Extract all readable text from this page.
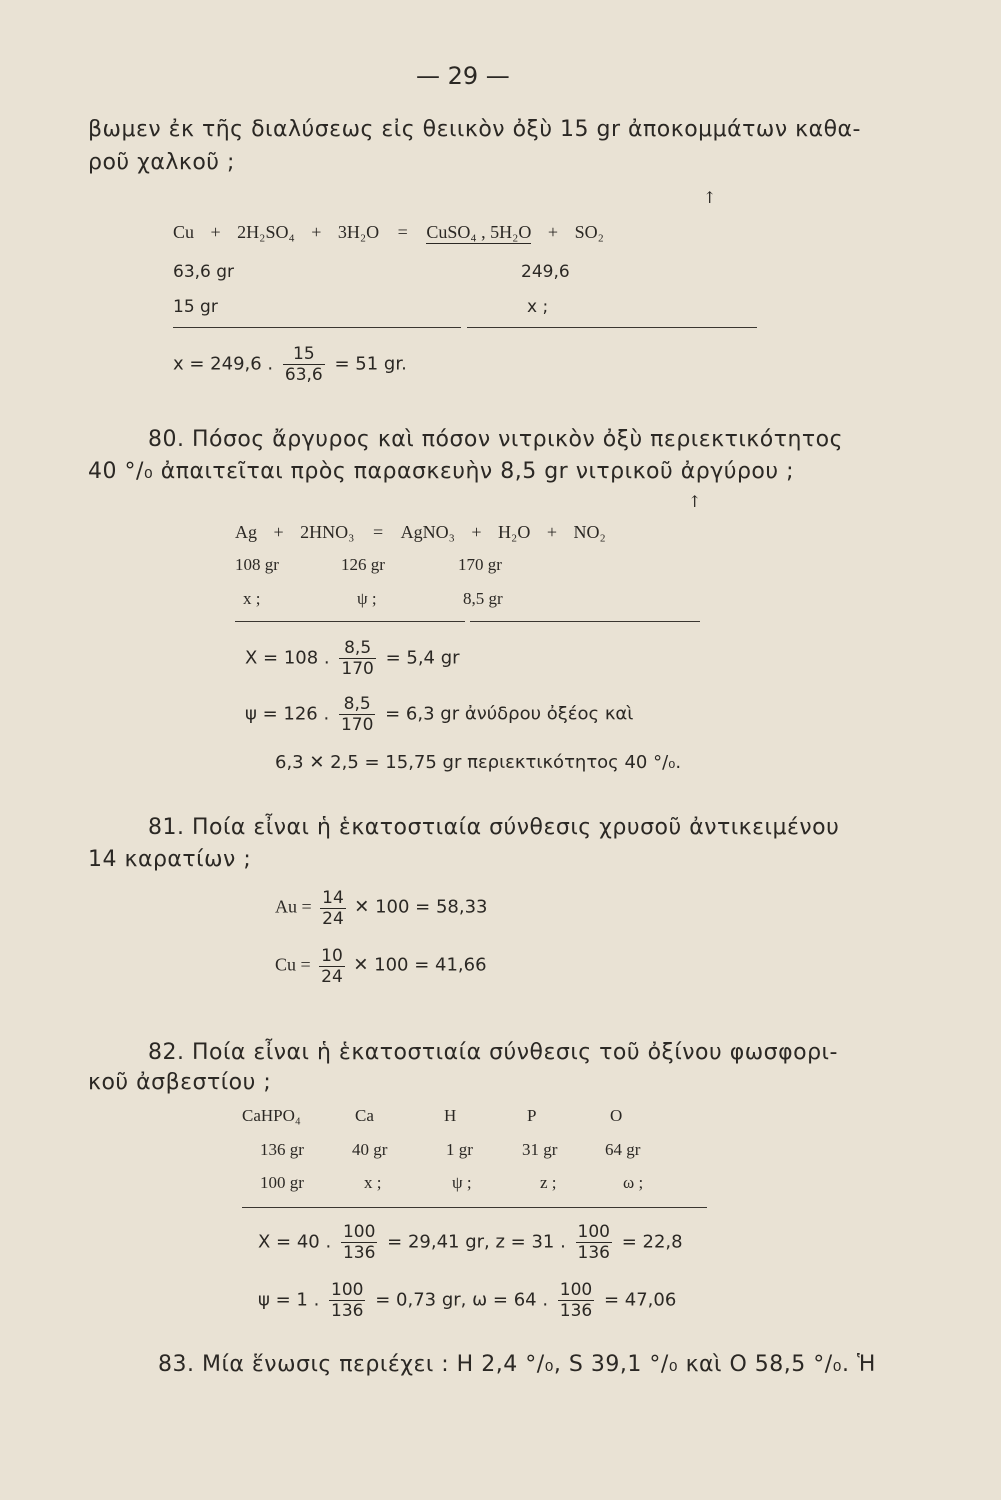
— 29 —
βωμεν ἐκ τῆς διαλύσεως εἰς θειικὸν ὀξὺ 15 gr ἀποκομμάτων καθα-
ροῦ χαλκοῦ ;
↑
Cu + 2H₂SO₄ + 3H₂O = CuSO₄ , 5H₂O + SO₂
63,6 gr	249,6
15 gr	x ;
x = 249,6 . $\frac{15}{63,6} = 51$ gr.
80. Πόσος ἄργυρος καὶ πόσον νιτρικὸν ὀξὺ περιεκτικότητος
40 °/₀ ἀπαιτεῖται πρὸς παρασκευὴν 8,5 gr νιτρικοῦ ἀργύρου ;
↑
Ag + 2HNO₃ = AgNO₃ + H₂O + NO₂
108 gr	126 gr	170 gr
x ;	ψ ;	8,5 gr
X = 108 . $\frac{8,5}{170} = 5,4$ gr
ψ = 126 . $\frac{8,5}{170} = 6,3$ gr ἀνύδρου ὀξέος καὶ
6,3 ✕ 2,5 = 15,75 gr περιεκτικότητος 40 °/₀.
81. Ποία εἶναι ἡ ἑκατοστιαία σύνθεσις χρυσοῦ ἀντικειμένου
14 καρατίων ;
$Au = \frac{14}{24}$ ✕ 100 = 58,33
$Cu = \frac{10}{24}$ ✕ 100 = 41,66
82. Ποία εἶναι ἡ ἑκατοστιαία σύνθεσις τοῦ ὀξίνου φωσφορι-
κοῦ ἀσβεστίου ;
CaHPO₄	Ca	H	P	O
136 gr	40 gr	1 gr	31 gr	64 gr
100 gr	x ;	ψ ;	z ;	ω ;
X = 40 . $\frac{100}{136} = 29,41$ gr, z = 31 . $\frac{100}{136} = 22,8$
ψ = 1 . $\frac{100}{136} = 0,73$ gr, ω = 64 . $\frac{100}{136} = 47,06$
83. Μία ἕνωσις περιέχει : H 2,4 °/₀, S 39,1 °/₀ καὶ O 58,5 °/₀. Ἡ
